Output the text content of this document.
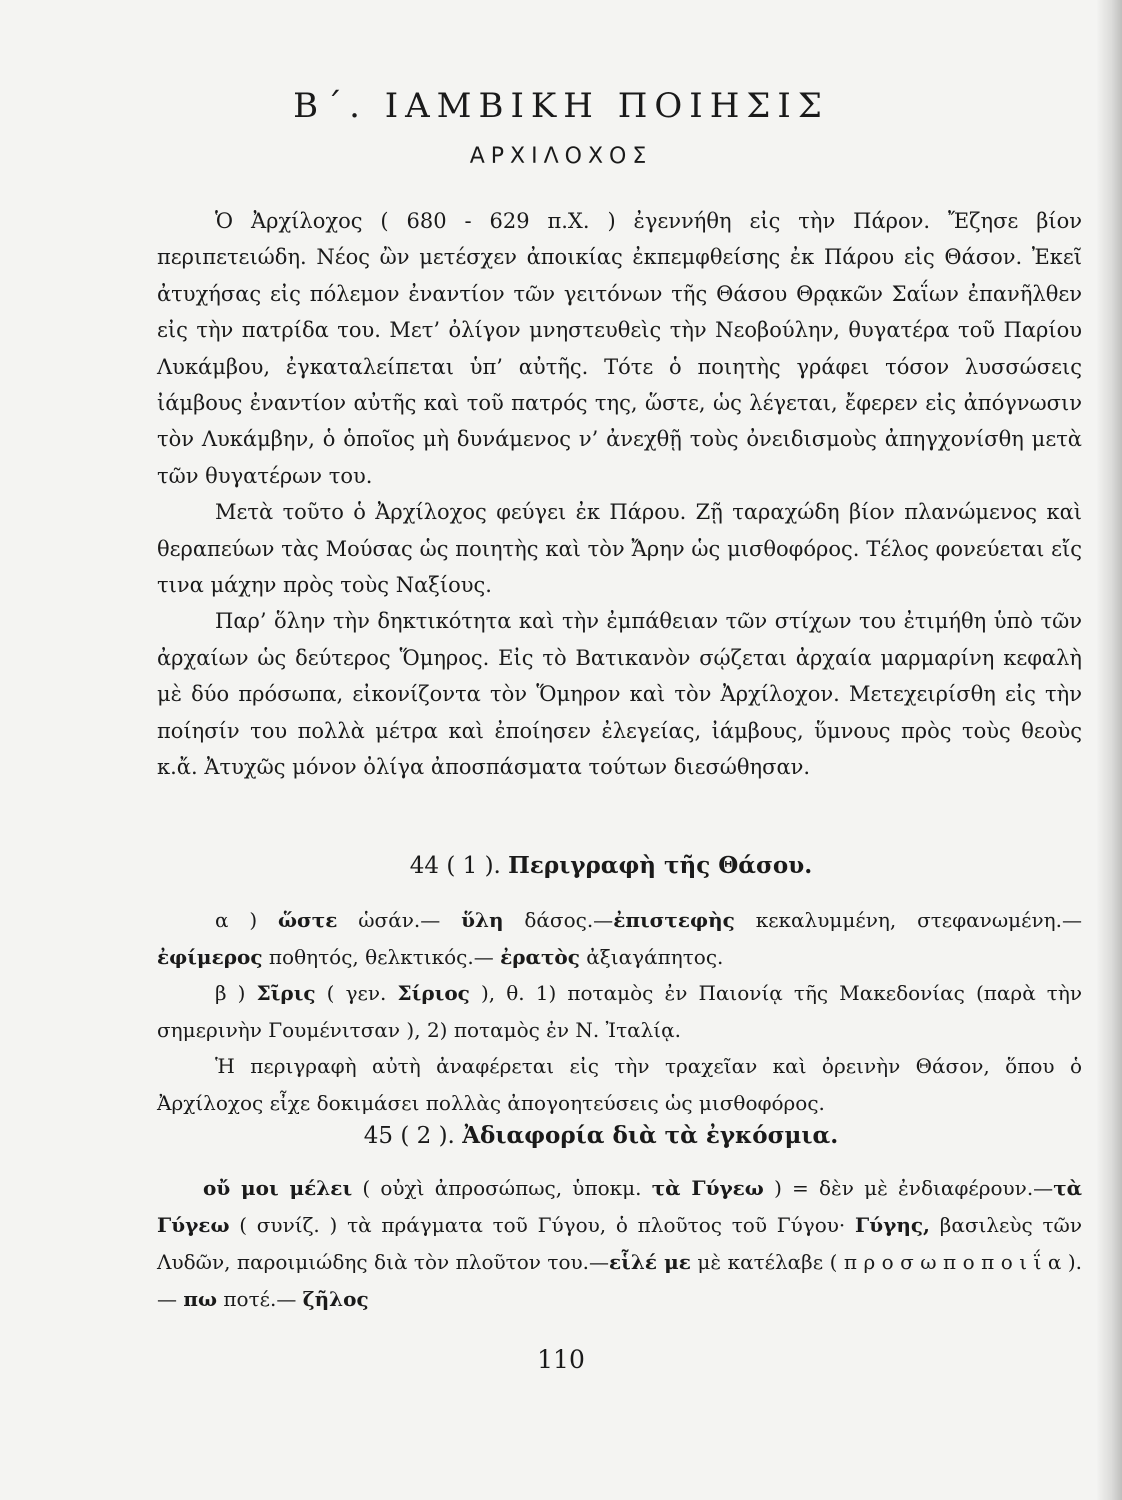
Β΄. ΙΑΜΒΙΚΗ ΠΟΙΗΣΙΣ
ΑΡΧΙΛΟΧΟΣ

Ὁ Ἀρχίλοχος ( 680 - 629 π.Χ. ) ἐγεννήθη εἰς τὴν Πάρον. Ἔζησε βίον περιπετειώδη. Νέος ὢν μετέσχεν ἀποικίας ἐκπεμφθείσης ἐκ Πάρου εἰς Θάσον. Ἐκεῖ ἀτυχήσας εἰς πόλεμον ἐναντίον τῶν γειτόνων τῆς Θάσου Θρᾳκῶν Σαΐων ἐπανῆλθεν εἰς τὴν πατρίδα του. Μετ’ ὀλίγον μνηστευθεὶς τὴν Νεοβούλην, θυγατέρα τοῦ Παρίου Λυκάμβου, ἐγκαταλείπεται ὑπ’ αὐτῆς. Τότε ὁ ποιητὴς γράφει τόσον λυσσώσεις ἰάμβους ἐναντίον αὐτῆς καὶ τοῦ πατρός της, ὥστε, ὡς λέγεται, ἔφερεν εἰς ἀπόγνωσιν τὸν Λυκάμβην, ὁ ὁποῖος μὴ δυνάμενος ν’ ἀνεχθῇ τοὺς ὀνειδισμοὺς ἀπηγχονίσθη μετὰ τῶν θυγατέρων του.

Μετὰ τοῦτο ὁ Ἀρχίλοχος φεύγει ἐκ Πάρου. Ζῇ ταραχώδη βίον πλανώμενος καὶ θεραπεύων τὰς Μούσας ὡς ποιητὴς καὶ τὸν Ἄρην ὡς μισθοφόρος. Τέλος φονεύεται εἴς τινα μάχην πρὸς τοὺς Ναξίους.

Παρ’ ὅλην τὴν δηκτικότητα καὶ τὴν ἐμπάθειαν τῶν στίχων του ἐτιμήθη ὑπὸ τῶν ἀρχαίων ὡς δεύτερος Ὅμηρος. Εἰς τὸ Βατικανὸν σῴζεται ἀρχαία μαρμαρίνη κεφαλὴ μὲ δύο πρόσωπα, εἰκονίζοντα τὸν Ὅμηρον καὶ τὸν Ἀρχίλοχον. Μετεχειρίσθη εἰς τὴν ποίησίν του πολλὰ μέτρα καὶ ἐποίησεν ἐλεγείας, ἰάμβους, ὕμνους πρὸς τοὺς θεοὺς κ.ἄ. Ἀτυχῶς μόνον ὀλίγα ἀποσπάσματα τούτων διεσώθησαν.

44 ( 1 ). Περιγραφὴ τῆς Θάσου.

α ) ὥστε ὡσάν.— ὕλη δάσος.—ἐπιστεφὴς κεκαλυμμένη, στεφανωμένη.— ἐφίμερος ποθητός, θελκτικός.— ἐρατὸς ἀξιαγάπητος.

β ) Σῖρις ( γεν. Σίριος ), θ. 1) ποταμὸς ἐν Παιονίᾳ τῆς Μακεδονίας (παρὰ τὴν σημερινὴν Γουμένιτσαν ), 2) ποταμὸς ἐν Ν. Ἰταλίᾳ.

Ἡ περιγραφὴ αὐτὴ ἀναφέρεται εἰς τὴν τραχεῖαν καὶ ὀρεινὴν Θάσον, ὅπου ὁ Ἀρχίλοχος εἶχε δοκιμάσει πολλὰς ἀπογοητεύσεις ὡς μισθοφόρος.

45 ( 2 ). Ἀδιαφορία διὰ τὰ ἐγκόσμια.

οὔ μοι μέλει ( οὐχὶ ἀπροσώπως, ὑποκμ. τὰ Γύγεω ) = δὲν μὲ ἐνδιαφέρουν.—τὰ Γύγεω ( συνίζ. ) τὰ πράγματα τοῦ Γύγου, ὁ πλοῦτος τοῦ Γύγου· Γύγης, βασιλεὺς τῶν Λυδῶν, παροιμιώδης διὰ τὸν πλοῦτον του.—εἷλέ με μὲ κατέλαβε ( π ρ ο σ ω π ο π ο ι ΐ α ).— πω ποτέ.— ζῆλος

110
